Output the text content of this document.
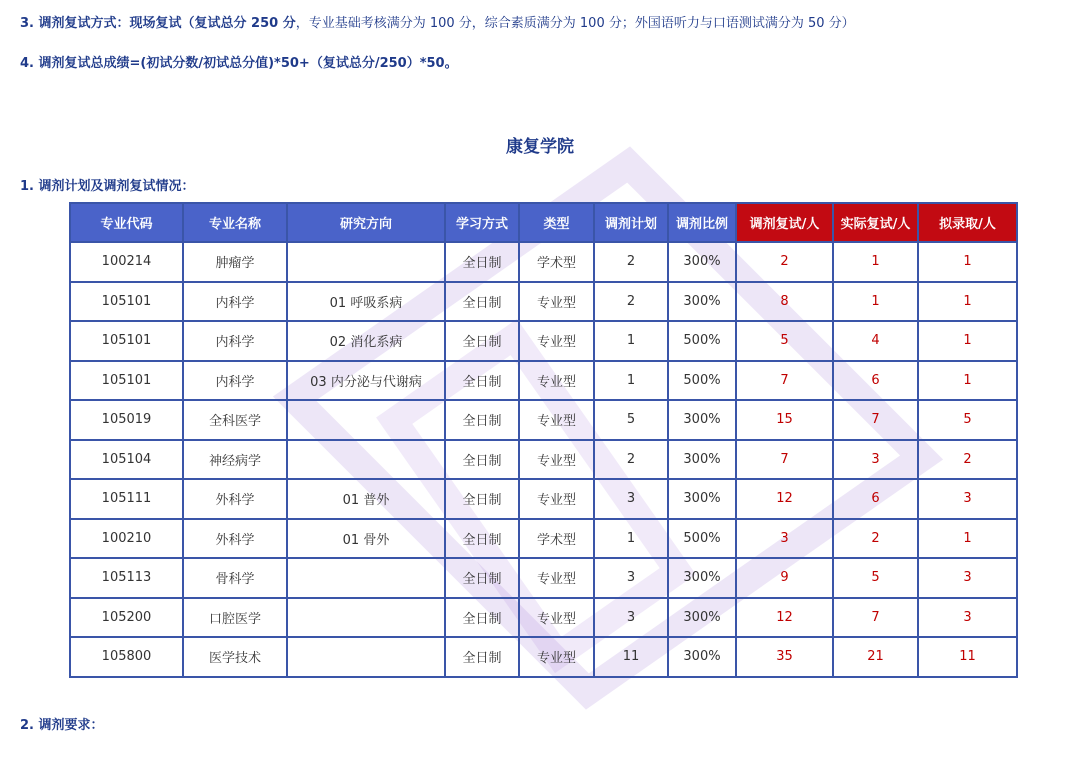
3. 调剂复试方式：现场复试（复试总分 250 分，专业基础考核满分为 100 分，综合素质满分为 100 分；外国语听力与口语测试满分为 50 分）
4. 调剂复试总成绩=(初试分数/初试总分值)*50+（复试总分/250）*50。
康复学院
1. 调剂计划及调剂复试情况：
专业代码	专业名称	研究方向	学习方式	类型	调剂计划	调剂比例	调剂复试/人	实际复试/人	拟录取/人
100214	肿瘤学		全日制	学术型	2	300%	2	1	1
105101	内科学	01 呼吸系病	全日制	专业型	2	300%	8	1	1
105101	内科学	02 消化系病	全日制	专业型	1	500%	5	4	1
105101	内科学	03 内分泌与代谢病	全日制	专业型	1	500%	7	6	1
105019	全科医学		全日制	专业型	5	300%	15	7	5
105104	神经病学		全日制	专业型	2	300%	7	3	2
105111	外科学	01 普外	全日制	专业型	3	300%	12	6	3
100210	外科学	01 骨外	全日制	学术型	1	500%	3	2	1
105113	骨科学		全日制	专业型	3	300%	9	5	3
105200	口腔医学		全日制	专业型	3	300%	12	7	3
105800	医学技术		全日制	专业型	11	300%	35	21	11
2. 调剂要求：
